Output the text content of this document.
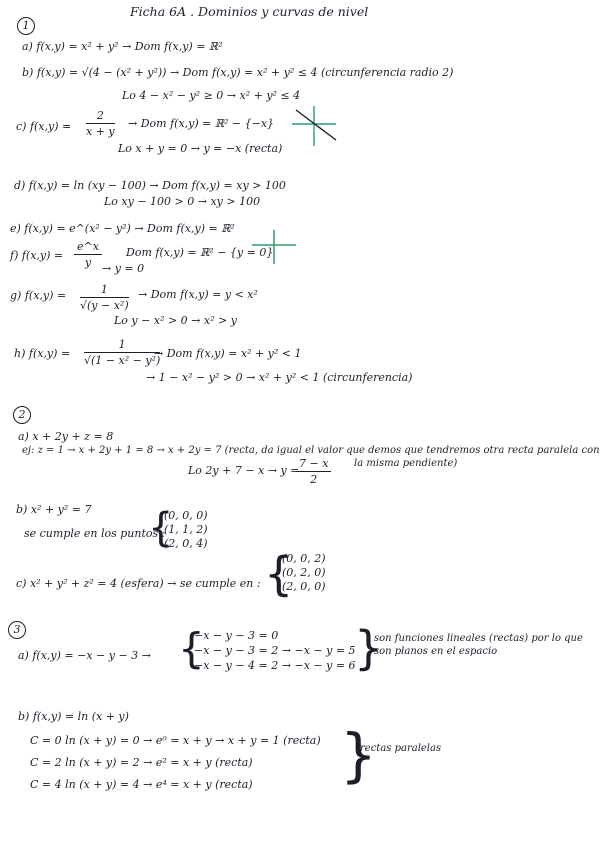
Ficha 6A . Dominios y curvas de nivel
1
a) f(x,y) = x² + y² → Dom f(x,y) = ℝ²
b) f(x,y) = √(4 − (x² + y²)) → Dom f(x,y) = x² + y² ≤ 4 (circunferencia radio 2)
Lo 4 − x² − y² ≥ 0 → x² + y² ≤ 4
c) $f(x,y) = \frac{2}{x + y}$ → Dom f(x,y) = ℝ² − {−x}
Lo x + y = 0 → y = −x (recta)
d) f(x,y) = ln (xy − 100) → Dom f(x,y) = xy > 100
Lo xy − 100 > 0 → xy > 100
e) f(x,y) = e^(x² − y²) → Dom f(x,y) = ℝ²
f) $f(x,y) = \frac{e\^{}x}{y}$ Dom f(x,y) = ℝ² − {y = 0}
→ y = 0
g) $f(x,y) = \frac{1}{\text{√(y − x²)}}$ → Dom f(x,y) = y < x²
Lo y − x² > 0 → x² > y
h) $f(x,y) = \frac{1}{\text{√(1 − x² − y²)}}$
→ Dom f(x,y) = x² + y² < 1
→ 1 − x² − y² > 0 → x² + y² < 1 (circunferencia)
2
a) x + 2y + z = 8
ej: z = 1 → x + 2y + 1 = 8 → x + 2y = 7 (recta, da igual el valor que demos que tendremos otra recta paralela con
Lo 2y + 7 − x → y =
$\frac{7 - x}{2}$ la misma pendiente)
b) x² + y² = 7
se cumple en los puntos :
{
(0, 0, 0)
(1, 1, 2)
(2, 0, 4)
c) x² + y² + z² = 4 (esfera) → se cumple en : {
(0, 0, 2)
(0, 2, 0)
(2, 0, 0)
3
a) f(x,y) = −x − y − 3 → {
−x − y − 3 = 0
−x − y − 3 = 2 → −x − y = 5
−x − y − 4 = 2 → −x − y = 6
}
son funciones lineales (rectas) por lo que
son planos en el espacio
b) f(x,y) = ln (x + y)
C = 0 ln (x + y) = 0 → e⁰ = x + y → x + y = 1 (recta)
C = 2 ln (x + y) = 2 → e² = x + y (recta)
C = 4 ln (x + y) = 4 → e⁴ = x + y (recta) }
rectas paralelas
